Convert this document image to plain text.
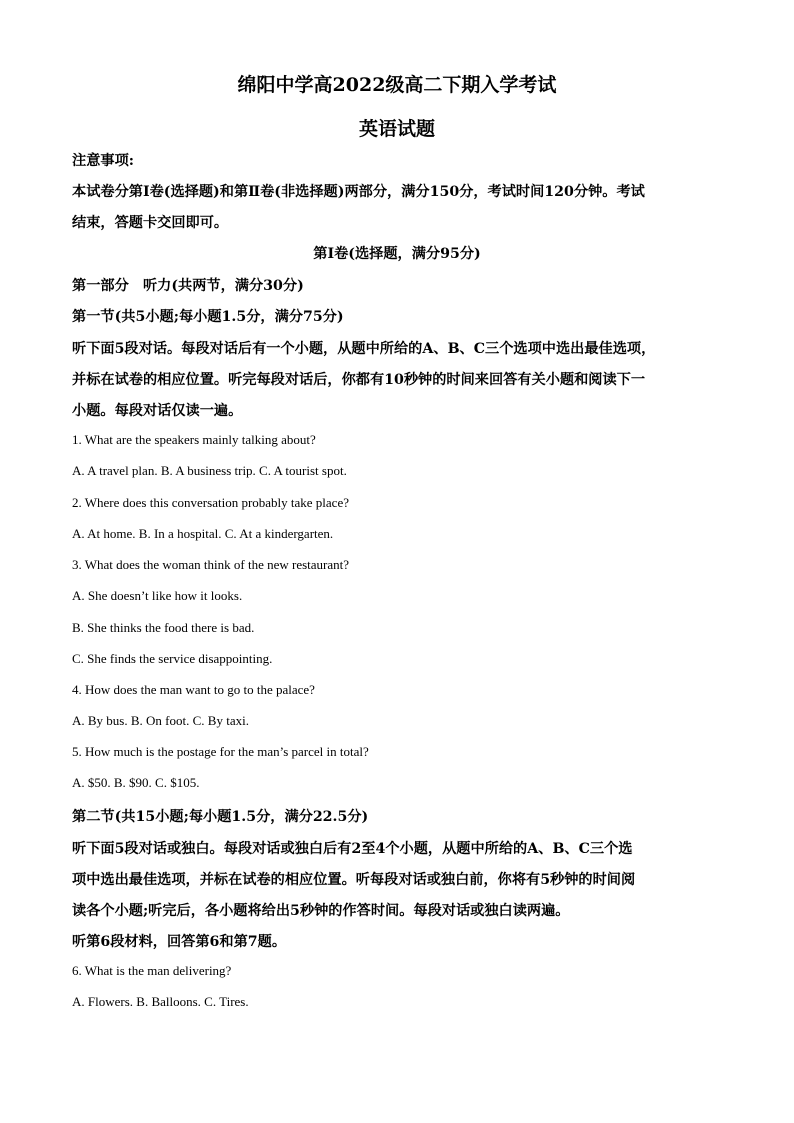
绵阳中学高2022级高二下期入学考试
英语试题
注意事项:
本试卷分第Ⅰ卷(选择题)和第Ⅱ卷(非选择题)两部分，满分150分，考试时间120分钟。考试
结束，答题卡交回即可。
第Ⅰ卷(选择题，满分95分)
第一部分　听力(共两节，满分30分)
第一节(共5小题;每小题1.5分，满分75分)
听下面5段对话。每段对话后有一个小题，从题中所给的A、B、C三个选项中选出最佳选项，
并标在试卷的相应位置。听完每段对话后，你都有10秒钟的时间来回答有关小题和阅读下一
小题。每段对话仅读一遍。
1. What are the speakers mainly talking about?
A. A travel plan. B. A business trip. C. A tourist spot.
2. Where does this conversation probably take place?
A. At home. B. In a hospital. C. At a kindergarten.
3. What does the woman think of the new restaurant?
A. She doesn’t like how it looks.
B. She thinks the food there is bad.
C. She finds the service disappointing.
4. How does the man want to go to the palace?
A. By bus. B. On foot. C. By taxi.
5. How much is the postage for the man’s parcel in total?
A. $50. B. $90. C. $105.
第二节(共15小题;每小题1.5分，满分22.5分)
听下面5段对话或独白。每段对话或独白后有2至4个小题，从题中所给的A、B、C三个选
项中选出最佳选项，并标在试卷的相应位置。听每段对话或独白前，你将有5秒钟的时间阅
读各个小题;听完后，各小题将给出5秒钟的作答时间。每段对话或独白读两遍。
听第6段材料，回答第6和第7题。
6. What is the man delivering?
A. Flowers. B. Balloons. C. Tires.
